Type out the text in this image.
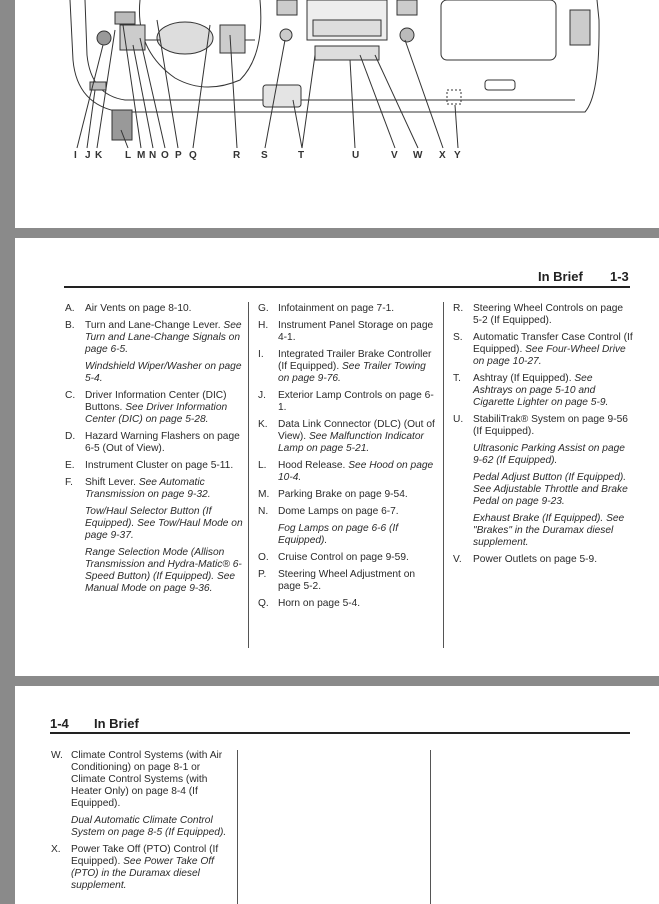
I J K L M N O P Q	R S	T	U	V W X Y
In Brief 1-3
A. Air Vents on page 8-10.
B. Turn and Lane-Change Lever. See Turn and Lane-Change Signals on page 6-5.
Windshield Wiper/Washer on page 5-4.
C. Driver Information Center (DIC) Buttons. See Driver Information Center (DIC) on page 5-28.
D. Hazard Warning Flashers on page 6-5 (Out of View).
E. Instrument Cluster on page 5-11.
F. Shift Lever. See Automatic Transmission on page 9-32.
Tow/Haul Selector Button (If Equipped). See Tow/Haul Mode on page 9-37.
Range Selection Mode (Allison Transmission and Hydra-Matic® 6-Speed Button) (If Equipped). See Manual Mode on page 9-36.
G. Infotainment on page 7-1.
H. Instrument Panel Storage on page 4-1.
I. Integrated Trailer Brake Controller (If Equipped). See Trailer Towing on page 9-76.
J. Exterior Lamp Controls on page 6-1.
K. Data Link Connector (DLC) (Out of View). See Malfunction Indicator Lamp on page 5-21.
L. Hood Release. See Hood on page 10-4.
M. Parking Brake on page 9-54.
N. Dome Lamps on page 6-7.
Fog Lamps on page 6-6 (If Equipped).
O. Cruise Control on page 9-59.
P. Steering Wheel Adjustment on page 5-2.
Q. Horn on page 5-4.
R. Steering Wheel Controls on page 5-2 (If Equipped).
S. Automatic Transfer Case Control (If Equipped). See Four-Wheel Drive on page 10-27.
T. Ashtray (If Equipped). See Ashtrays on page 5-10 and Cigarette Lighter on page 5-9.
U. StabiliTrak® System on page 9-56 (If Equipped).
Ultrasonic Parking Assist on page 9-62 (If Equipped).
Pedal Adjust Button (If Equipped). See Adjustable Throttle and Brake Pedal on page 9-23.
Exhaust Brake (If Equipped). See "Brakes" in the Duramax diesel supplement.
V. Power Outlets on page 5-9.
1-4 In Brief
W. Climate Control Systems (with Air Conditioning) on page 8-1 or Climate Control Systems (with Heater Only) on page 8-4 (If Equipped).
Dual Automatic Climate Control System on page 8-5 (If Equipped).
X. Power Take Off (PTO) Control (If Equipped). See Power Take Off (PTO) in the Duramax diesel supplement.
